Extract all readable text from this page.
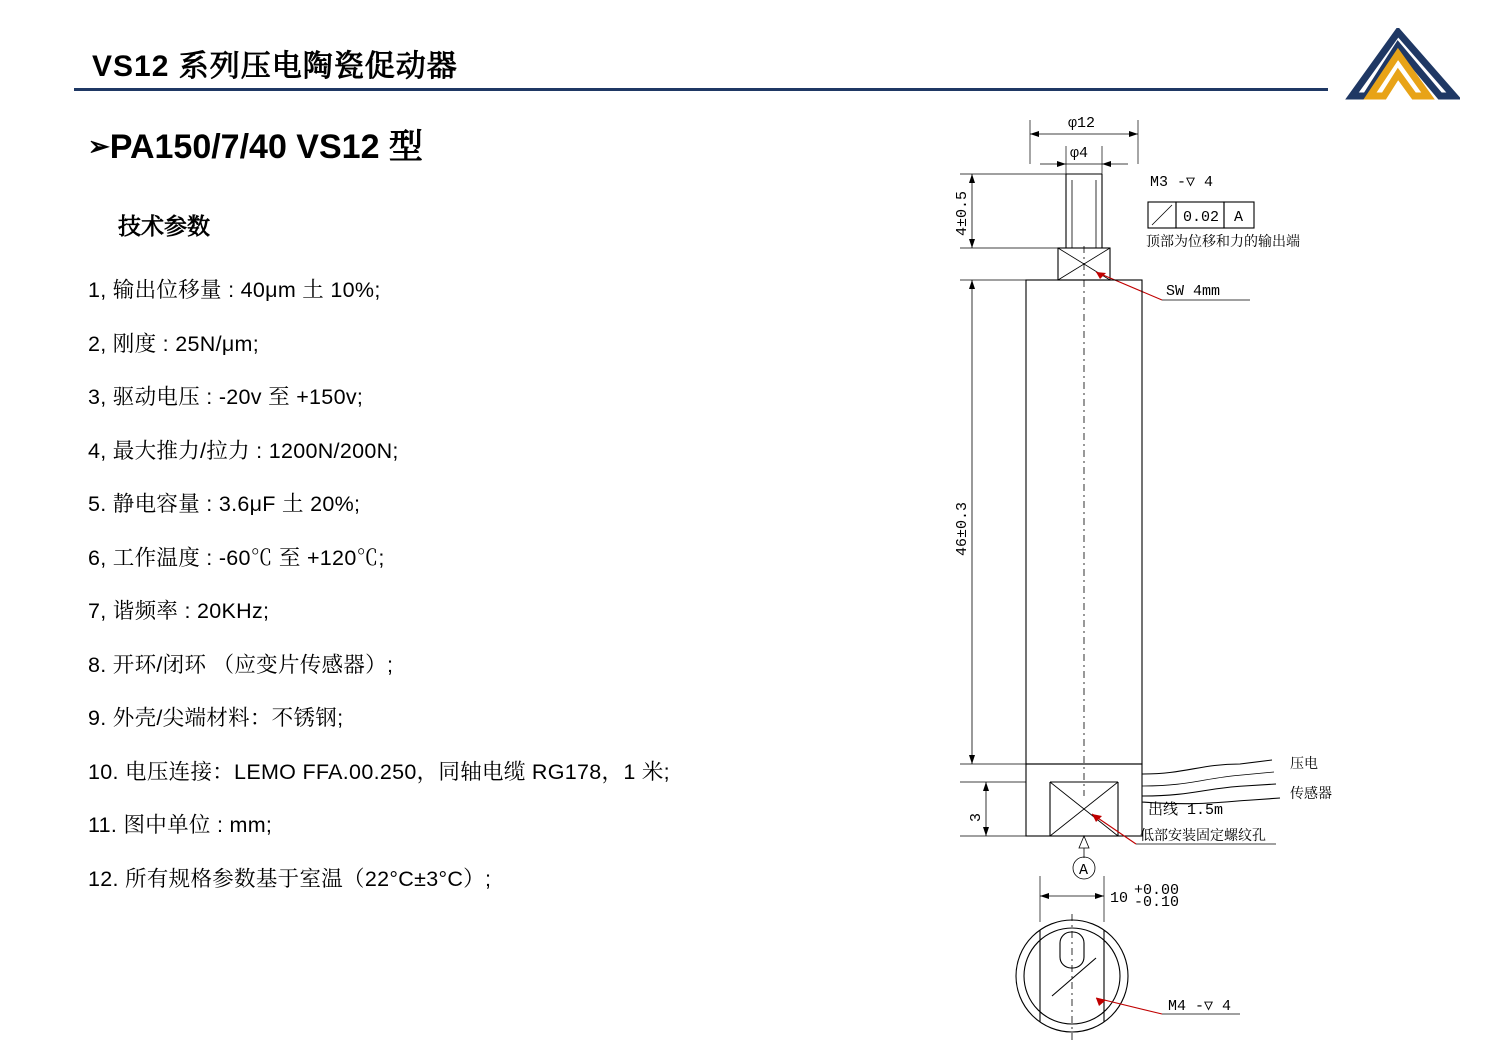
VS12 系列压电陶瓷促动器
➢PA150/7/40 VS12 型
技术参数
1, 输出位移量 : 40μm 土 10%;
2, 刚度 : 25N/μm;
3, 驱动电压 : -20v 至 +150v;
4, 最大推力/拉力 : 1200N/200N;
5. 静电容量 : 3.6μF 土 20%;
6, 工作温度 : -60℃ 至 +120℃;
7, 谐频率 : 20KHz;
8. 开环/闭环 （应变片传感器）;
9. 外壳/尖端材料：不锈钢;
10. 电压连接：LEMO FFA.00.250，同轴电缆 RG178，1 米;
11. 图中单位 : mm;
12. 所有规格参数基于室温（22°C±3°C）;
φ12
φ4
4±0.5
M3 -▽ 4
0.02 A
顶部为位移和力的输出端
SW 4mm
46±0.3
3
A
出线 1.5m
压电
传感器
低部安装固定螺纹孔
10 +0.00
-0.10
M4 -▽ 4
